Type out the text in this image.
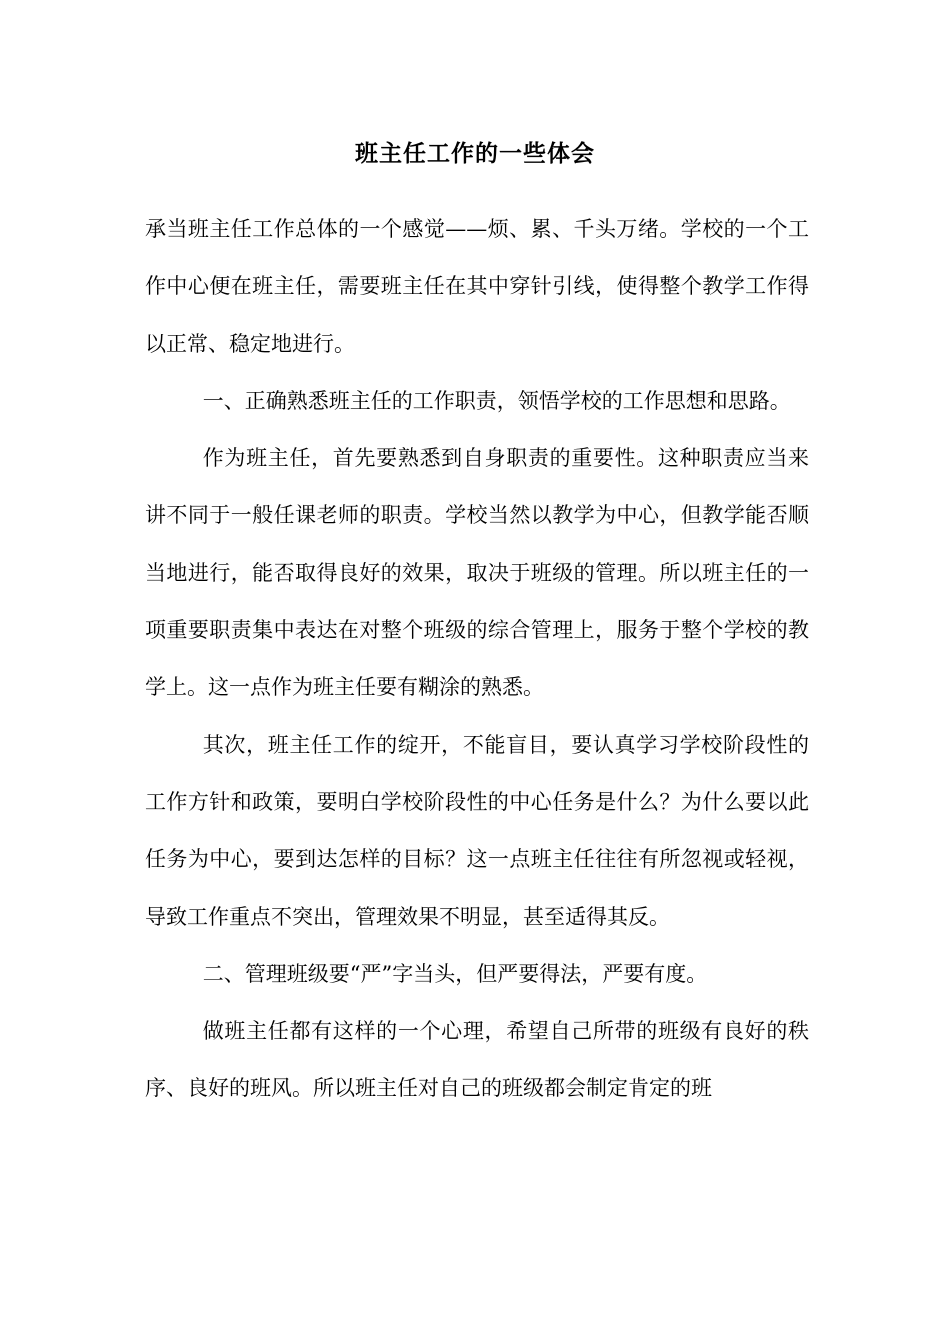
班主任工作的一些体会

承当班主任工作总体的一个感觉——烦、累、千头万绪。学校的一个工作中心便在班主任，需要班主任在其中穿针引线，使得整个教学工作得以正常、稳定地进行。

一、正确熟悉班主任的工作职责，领悟学校的工作思想和思路。

作为班主任，首先要熟悉到自身职责的重要性。这种职责应当来讲不同于一般任课老师的职责。学校当然以教学为中心，但教学能否顺当地进行，能否取得良好的效果，取决于班级的管理。所以班主任的一项重要职责集中表达在对整个班级的综合管理上，服务于整个学校的教学上。这一点作为班主任要有糊涂的熟悉。

其次，班主任工作的绽开，不能盲目，要认真学习学校阶段性的工作方针和政策，要明白学校阶段性的中心任务是什么？为什么要以此任务为中心，要到达怎样的目标？这一点班主任往往有所忽视或轻视，导致工作重点不突出，管理效果不明显，甚至适得其反。

二、管理班级要“严”字当头，但严要得法，严要有度。

做班主任都有这样的一个心理，希望自己所带的班级有良好的秩序、良好的班风。所以班主任对自己的班级都会制定肯定的班
